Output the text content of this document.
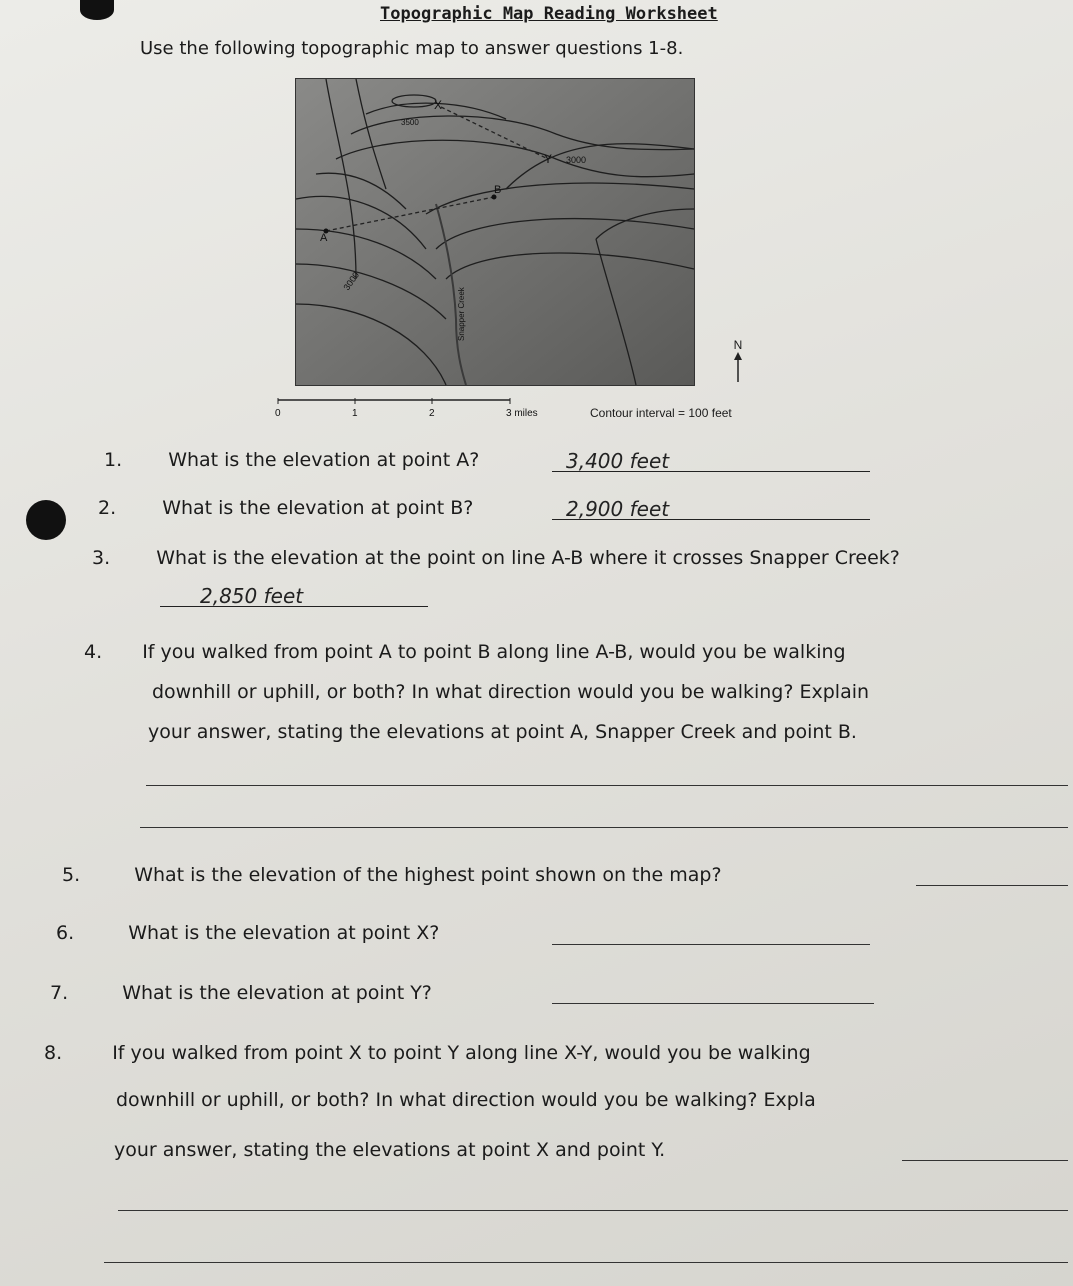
Topographic Map Reading Worksheet
Use the following topographic map to answer questions 1-8.
X
Y
B
A
3500
3000
3000
Snapper Creek
0	1	2	3 miles	Contour interval = 100 feet
N
1. What is the elevation at point A?	3,400 feet
2. What is the elevation at point B?	2,900 feet
3. What is the elevation at the point on line A-B where it crosses Snapper Creek?
2,850 feet
4. If you walked from point A to point B along line A-B, would you be walking
downhill or uphill, or both? In what direction would you be walking? Explain
your answer, stating the elevations at point A, Snapper Creek and point B.
5.	What is the elevation of the highest point shown on the map?
6.	What is the elevation at point X?
7.	What is the elevation at point Y?
8.	If you walked from point X to point Y along line X-Y, would you be walking
downhill or uphill, or both? In what direction would you be walking? Expla
your answer, stating the elevations at point X and point Y.
